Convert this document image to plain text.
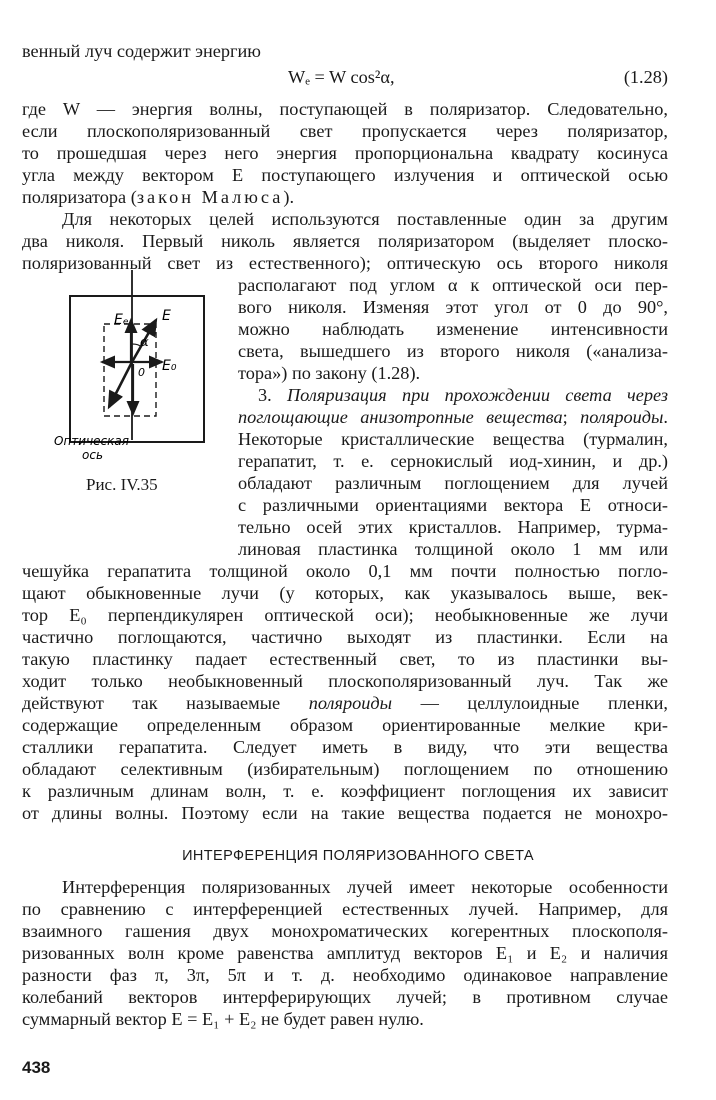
венный луч содержит энергию
Wₑ = W cos²α,	(1.28)
где W — энергия волны, поступающей в поляризатор. Следовательно,
если плоскополяризованный свет пропускается через поляризатор,
то прошедшая через него энергия пропорциональна квадрату косинуса
угла между вектором E поступающего излучения и оптической осью
поляризатора (закон Малюса).
Для некоторых целей используются поставленные один за другим
два николя. Первый николь является поляризатором (выделяет плоско-
поляризованный свет из естественного); оптическую ось второго николя
располагают под углом α к оптической оси пер-
вого николя. Изменяя этот угол от 0 до 90°,
можно наблюдать изменение интенсивности
света, вышедшего из второго николя («анализа-
тора») по закону (1.28).
3. Поляризация при прохождении света через
поглощающие анизотропные вещества; поляроиды.
Некоторые кристаллические вещества (турмалин,
герапатит, т. е. сернокислый иод-хинин, и др.)
обладают различным поглощением для лучей
с различными ориентациями вектора E относи-
тельно осей этих кристаллов. Например, турма-
линовая пластинка толщиной около 1 мм или
чешуйка герапатита толщиной около 0,1 мм почти полностью погло-
щают обыкновенные лучи (у которых, как указывалось выше, век-
тор E₀ перпендикулярен оптической оси); необыкновенные же лучи
частично поглощаются, частично выходят из пластинки. Если на
такую пластинку падает естественный свет, то из пластинки вы-
ходит только необыкновенный плоскополяризованный луч. Так же
действуют так называемые поляроиды — целлулоидные пленки,
содержащие определенным образом ориентированные мелкие кри-
сталлики герапатита. Следует иметь в виду, что эти вещества
обладают селективным (избирательным) поглощением по отношению
к различным длинам волн, т. е. коэффициент поглощения их зависит
от длины волны. Поэтому если на такие вещества подается не монохро-
ИНТЕРФЕРЕНЦИЯ ПОЛЯРИЗОВАННОГО СВЕТА
Интерференция поляризованных лучей имеет некоторые особенности
по сравнению с интерференцией естественных лучей. Например, для
взаимного гашения двух монохроматических когерентных плоскополя-
ризованных волн кроме равенства амплитуд векторов E₁ и E₂ и наличия
разности фаз π, 3π, 5π и т. д. необходимо одинаковое направление
колебаний векторов интерферирующих лучей; в противном случае
суммарный вектор E = E₁ + E₂ не будет равен нулю.
438
Eₑ E
E₀
α
0
Оптическая
ось
Рис. IV.35
